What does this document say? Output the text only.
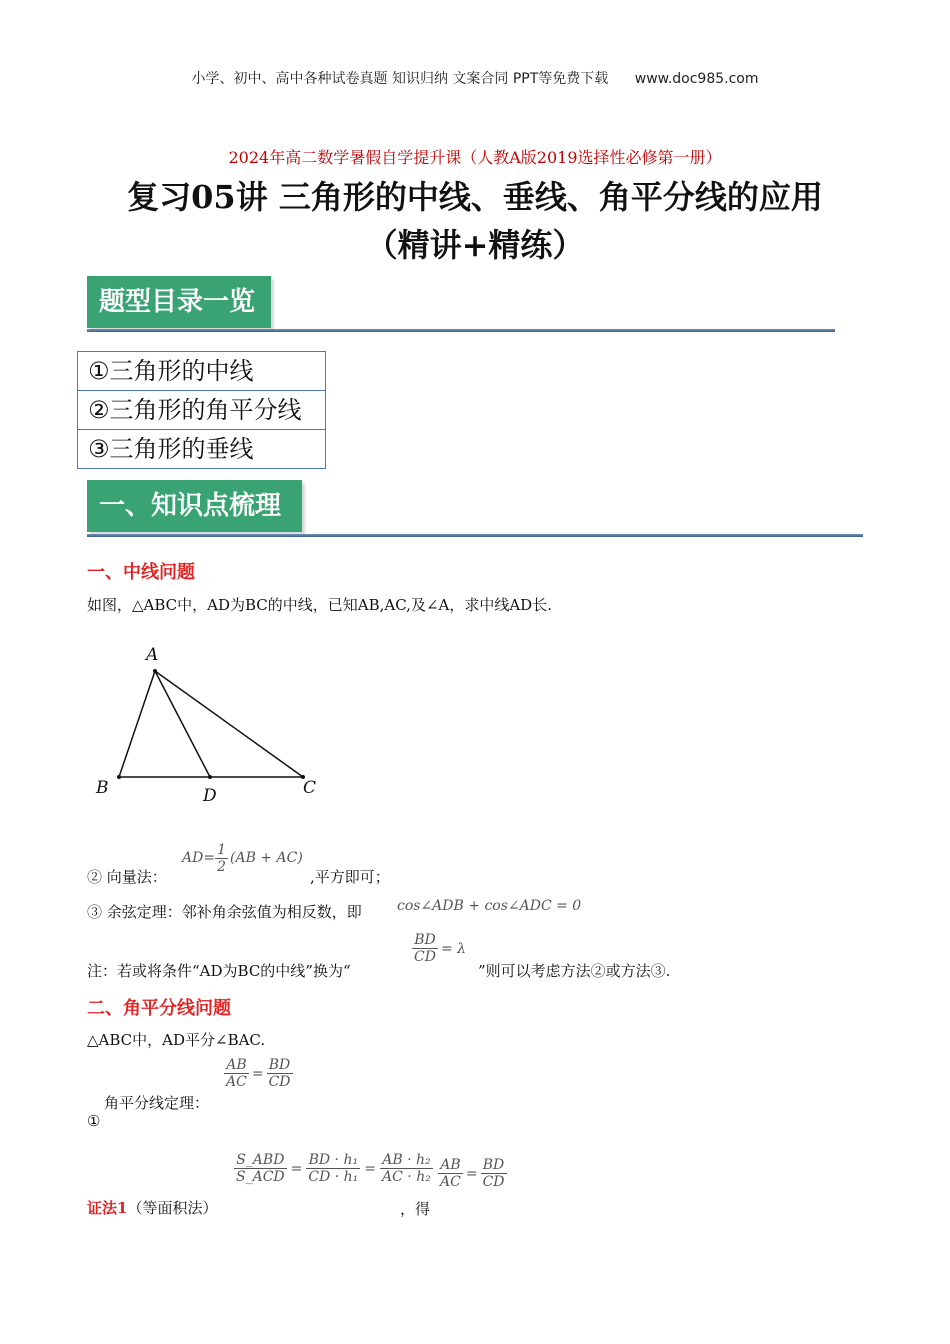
小学、初中、高中各种试卷真题 知识归纳 文案合同 PPT等免费下载 www.doc985.com
2024年高二数学暑假自学提升课（人教A版2019选择性必修第一册）
复习05讲 三角形的中线、垂线、角平分线的应用
（精讲+精练）
题型目录一览
①三角形的中线
②三角形的角平分线
③三角形的垂线
一、知识点梳理
一、中线问题
如图，△ABC中，AD为BC的中线，已知AB,AC,及∠A，求中线AD长.
A
B	D	C
② 向量法：
$AD= \frac{1}{2} (AB + AC)$
,平方即可；
③ 余弦定理：邻补角余弦值为相反数，即	cos∠ADB + cos∠ADC = 0
注：若或将条件“AD为BC的中线”换为“
$\frac{BD}{CD} = \lambda$
”则可以考虑方法②或方法③.
二、角平分线问题
△ABC中，AD平分∠BAC.
$\frac{AB}{AC} = \frac{BD}{CD}$
角平分线定理：
①
证法1（等面积法）
$\frac{\text{S\_ABD}}{\text{S\_ACD}} = \frac{\text{BD · h₁}}{\text{CD · h₁}} = \frac{\text{AB · h₂}}{\text{AC · h₂}}$
，得
$\frac{AB}{AC} = \frac{BD}{CD}$
